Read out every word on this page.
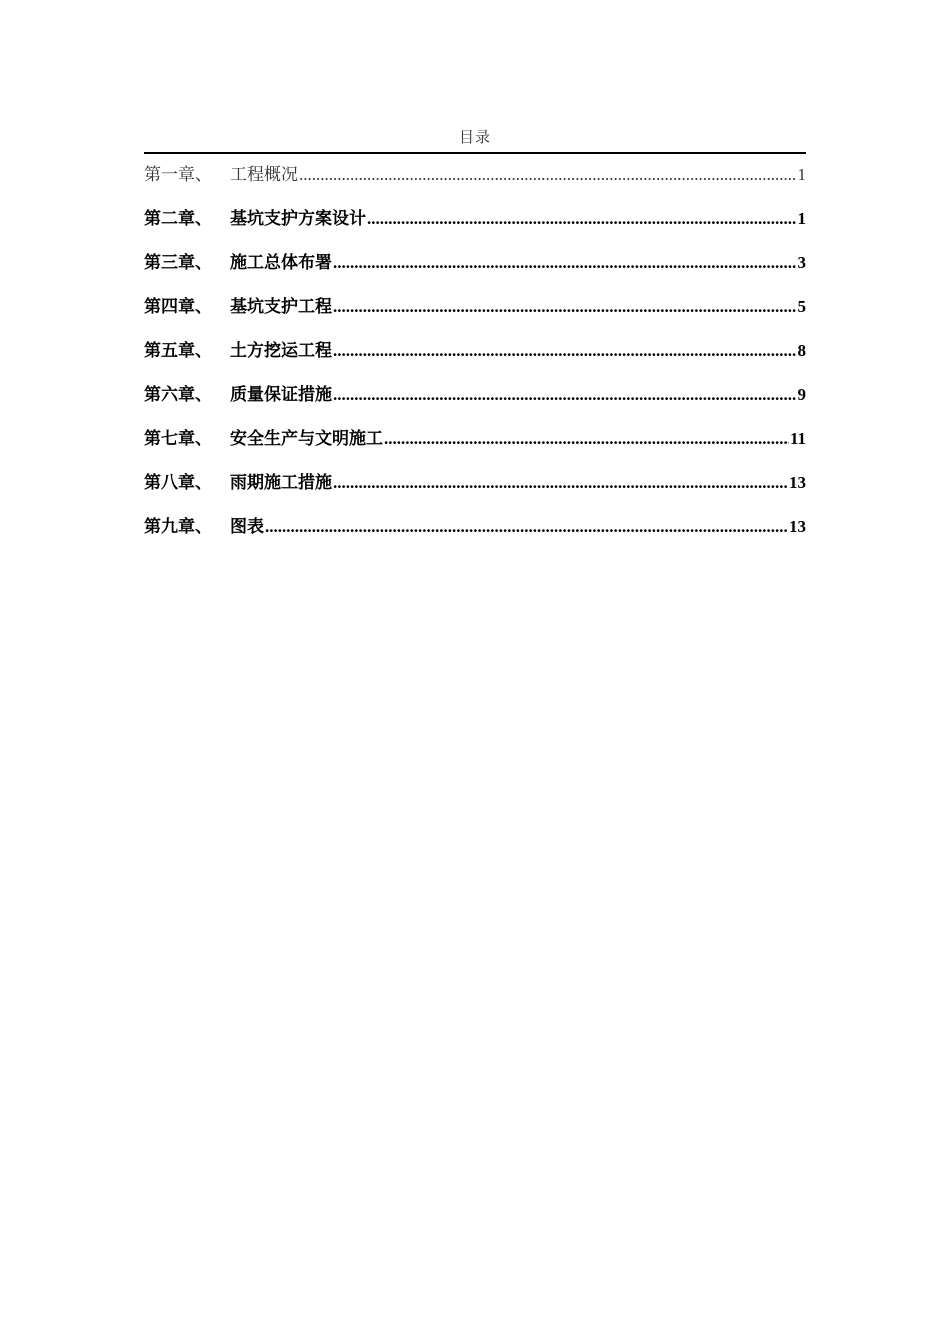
目录
第一章、	工程概况 .....	1
第二章、	基坑支护方案设计 .....	1
第三章、	施工总体布署 .....	3
第四章、	基坑支护工程 .....	5
第五章、	土方挖运工程 .....	8
第六章、	质量保证措施 .....	9
第七章、	安全生产与文明施工 .....	11
第八章、	雨期施工措施 .....	13
第九章、	图表 .....	13
